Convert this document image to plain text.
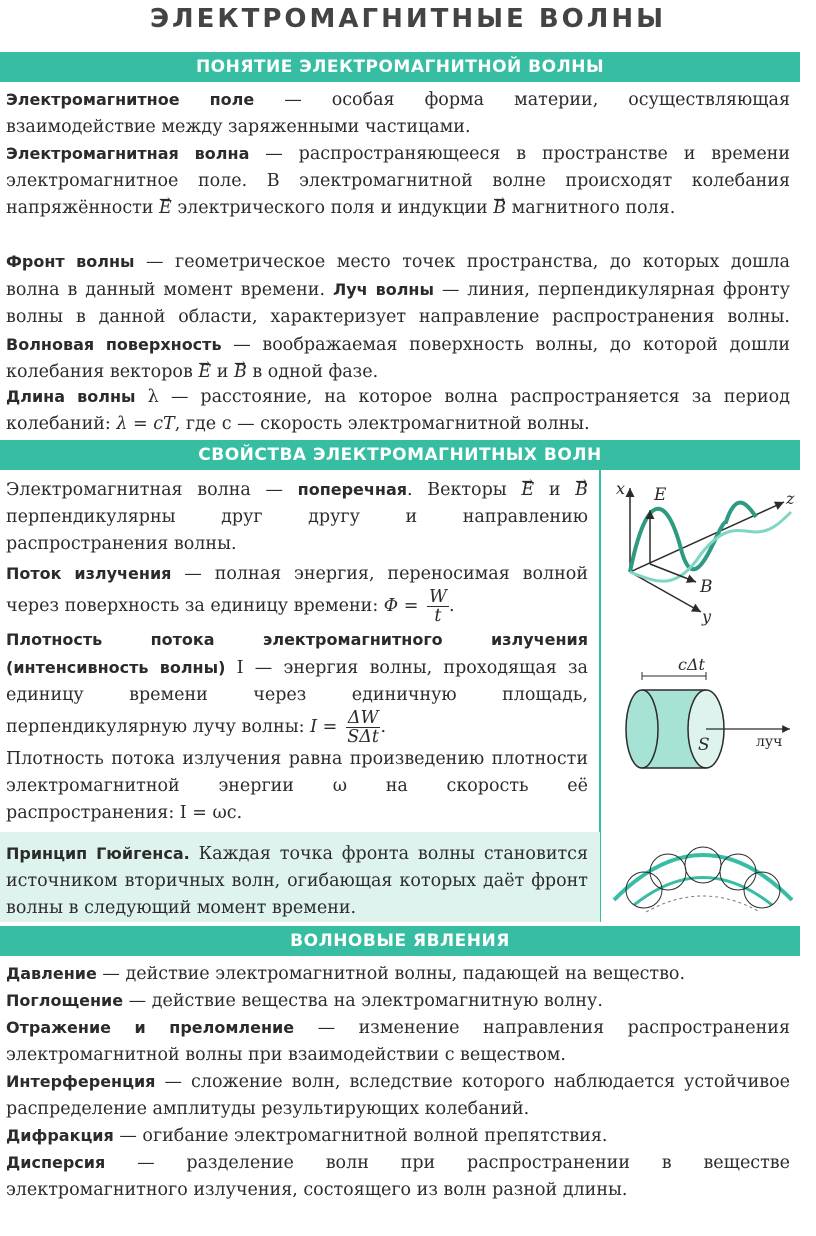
ЭЛЕКТРОМАГНИТНЫЕ ВОЛНЫ
ПОНЯТИЕ ЭЛЕКТРОМАГНИТНОЙ ВОЛНЫ

Электромагнитное поле — особая форма материи, осуществляющая взаимодействие между заряженными частицами.

Электромагнитная волна — распространяющееся в пространстве и времени электромагнитное поле. В электромагнитной волне происходят колебания напряжённости → E электрического поля и индукции → B магнитного поля.

Фронт волны — геометрическое место точек пространства, до которых дошла волна в данный момент времени. Луч волны — линия, перпендикулярная фронту волны в данной области, характеризует направление распространения волны. Волновая поверхность — воображаемая поверхность волны, до которой дошли колебания векторов → E и → B в одной фазе.

Длина волны λ — расстояние, на которое волна распространяется за период колебаний: λ = cT, где c — скорость электромагнитной волны.

СВОЙСТВА ЭЛЕКТРОМАГНИТНЫХ ВОЛН

Электромагнитная волна — поперечная. Векторы → E и → B перпендикулярны друг другу и направлению распространения волны.

Поток излучения — полная энергия, переносимая волной через поверхность за единицу времени: $\Phi = \frac{W}{t}$ .

Плотность потока электромагнитного излучения (интенсивность волны) I — энергия волны, проходящая за единицу времени через единичную площадь, перпендикулярную лучу волны: $I = \frac{\Delta W}{\text{SΔt}}$ .

Плотность потока излучения равна произведению плотности электромагнитной энергии ω на скорость её распространения: I = ωc.

Принцип Гюйгенса. Каждая точка фронта волны становится источником вторичных волн, огибающая которых даёт фронт волны в следующий момент времени.

x
z
y
E
B
cΔt
S	луч
ВОЛНОВЫЕ ЯВЛЕНИЯ

Давление — действие электромагнитной волны, падающей на вещество.

Поглощение — действие вещества на электромагнитную волну.

Отражение и преломление — изменение направления распространения электромагнитной волны при взаимодействии с веществом.

Интерференция — сложение волн, вследствие которого наблюдается устойчивое распределение амплитуды результирующих колебаний.

Дифракция — огибание электромагнитной волной препятствия.

Дисперсия — разделение волн при распространении в веществе электромагнитного излучения, состоящего из волн разной длины.
